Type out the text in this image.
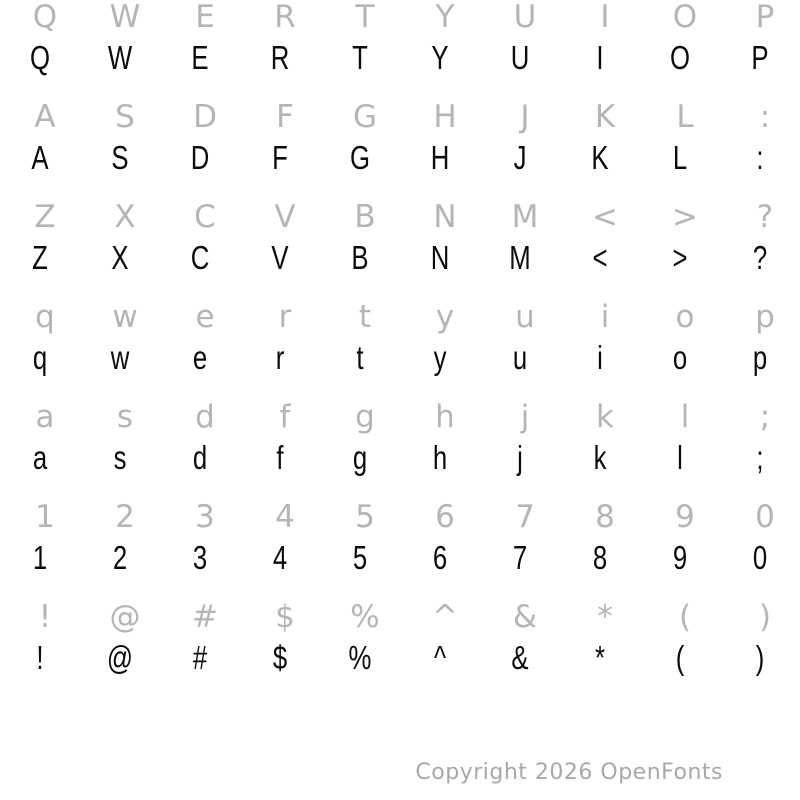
Q W E R T Y U I O P
Q W E R T Y U I O P
A S D F G H J K L :
A S D F G H J K L :
Z X C V B N M < > ?
Z X C V B N M < > ?
q w e r t y u i o p
q w e r t y u i o p
a s d f g h j k l ;
a s d f g h j k l ;
1 2 3 4 5 6 7 8 9 0
1 2 3 4 5 6 7 8 9 0
! @ # $ % ^ & * ( )
! @ # $ % ^ & * ( )
Copyright 2026 OpenFonts
